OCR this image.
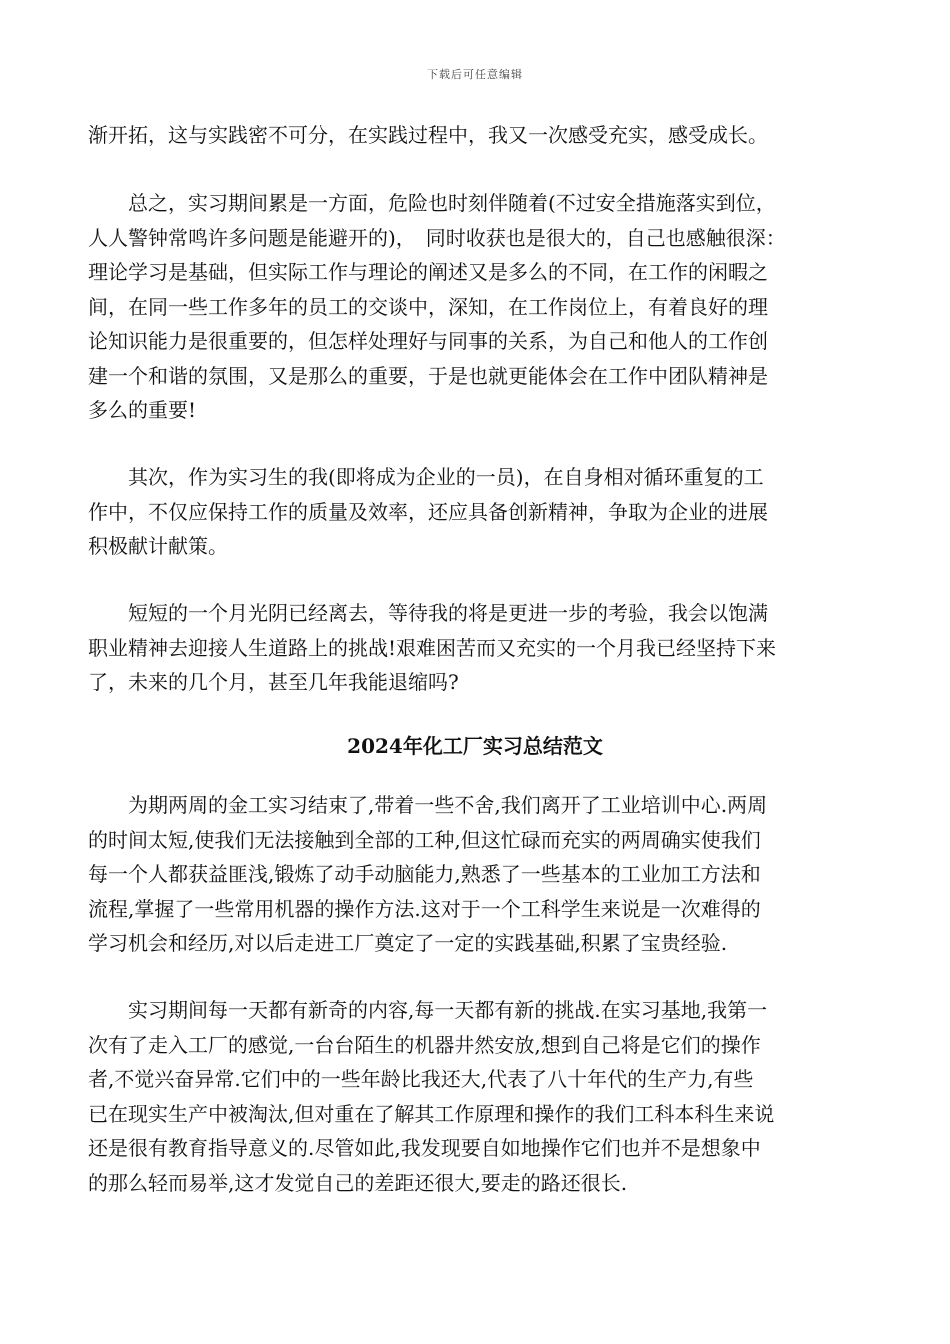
下载后可任意编辑

渐开拓，这与实践密不可分，在实践过程中，我又一次感受充实，感受成长。

　　总之，实习期间累是一方面，危险也时刻伴随着(不过安全措施落实到位，
人人警钟常鸣许多问题是能避开的)，　同时收获也是很大的，自己也感触很深：
理论学习是基础，但实际工作与理论的阐述又是多么的不同，在工作的闲暇之
间，在同一些工作多年的员工的交谈中，深知，在工作岗位上，有着良好的理
论知识能力是很重要的，但怎样处理好与同事的关系，为自己和他人的工作创
建一个和谐的氛围，又是那么的重要，于是也就更能体会在工作中团队精神是
多么的重要!

　　其次，作为实习生的我(即将成为企业的一员)，在自身相对循环重复的工
作中，不仅应保持工作的质量及效率，还应具备创新精神，争取为企业的进展
积极献计献策。

　　短短的一个月光阴已经离去，等待我的将是更进一步的考验，我会以饱满
职业精神去迎接人生道路上的挑战!艰难困苦而又充实的一个月我已经坚持下来
了，未来的几个月，甚至几年我能退缩吗?

2024年化工厂实习总结范文

　　为期两周的金工实习结束了,带着一些不舍,我们离开了工业培训中心.两周
的时间太短,使我们无法接触到全部的工种,但这忙碌而充实的两周确实使我们
每一个人都获益匪浅,锻炼了动手动脑能力,熟悉了一些基本的工业加工方法和
流程,掌握了一些常用机器的操作方法.这对于一个工科学生来说是一次难得的
学习机会和经历,对以后走进工厂奠定了一定的实践基础,积累了宝贵经验.

　　实习期间每一天都有新奇的内容,每一天都有新的挑战.在实习基地,我第一
次有了走入工厂的感觉,一台台陌生的机器井然安放,想到自己将是它们的操作
者,不觉兴奋异常.它们中的一些年龄比我还大,代表了八十年代的生产力,有些
已在现实生产中被淘汰,但对重在了解其工作原理和操作的我们工科本科生来说
还是很有教育指导意义的.尽管如此,我发现要自如地操作它们也并不是想象中
的那么轻而易举,这才发觉自己的差距还很大,要走的路还很长.
